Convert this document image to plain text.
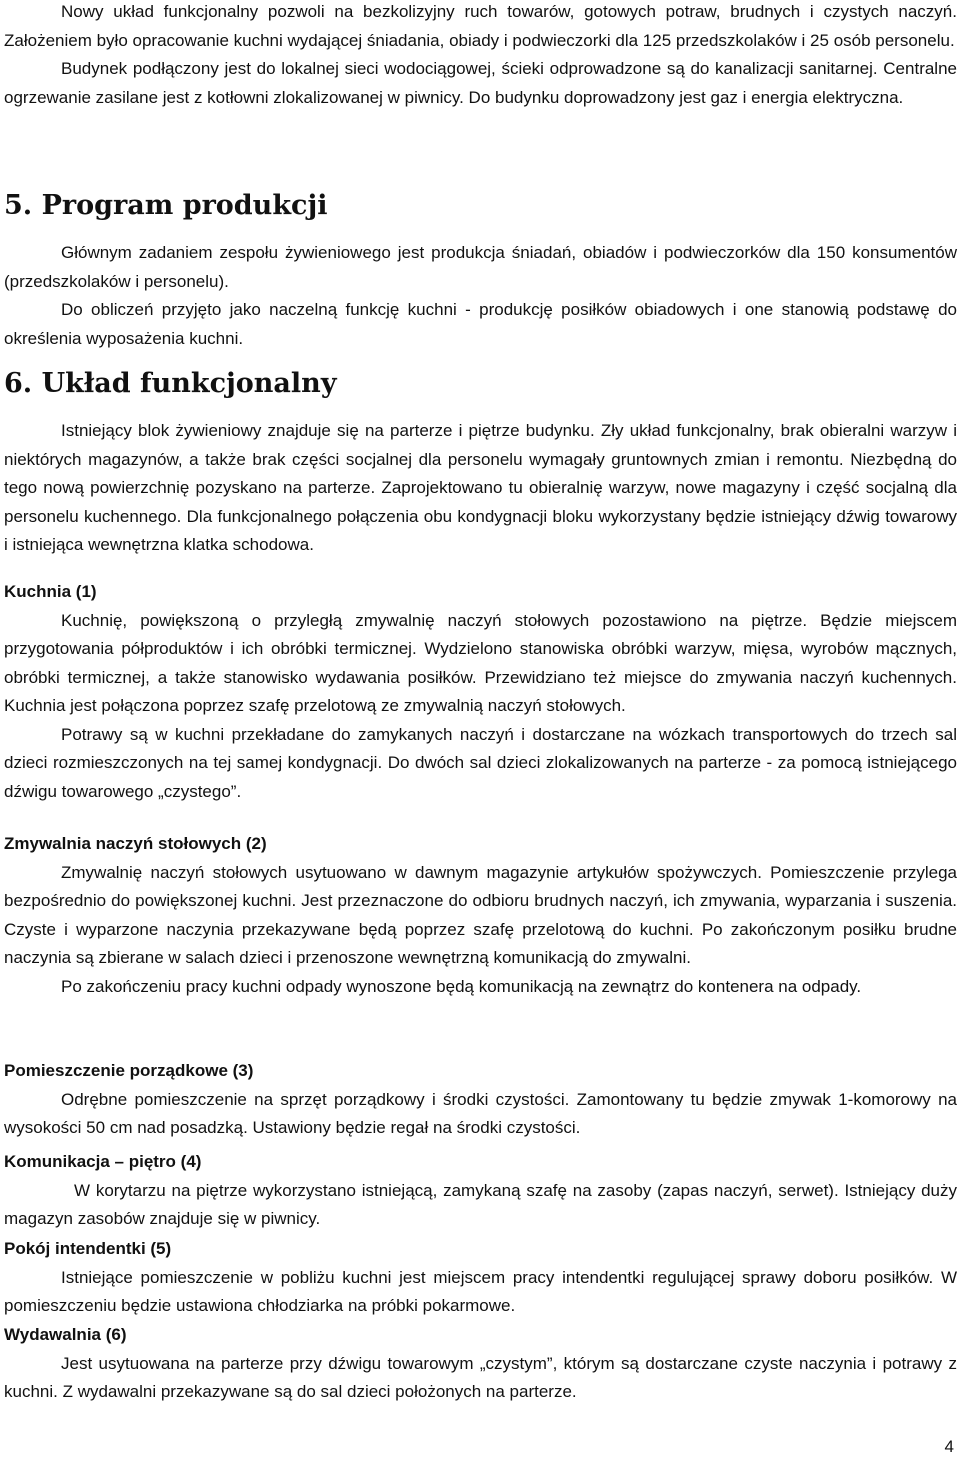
Nowy układ funkcjonalny pozwoli na bezkolizyjny ruch towarów, gotowych potraw, brudnych i czystych naczyń. Założeniem było opracowanie kuchni wydającej śniadania, obiady i podwieczorki dla 125 przedszkolaków i 25 osób personelu.

Budynek podłączony jest do lokalnej sieci wodociągowej, ścieki odprowadzone są do kanalizacji sanitarnej. Centralne ogrzewanie zasilane jest z kotłowni zlokalizowanej w piwnicy. Do budynku doprowadzony jest gaz i energia elektryczna.

5. Program produkcji

Głównym zadaniem zespołu żywieniowego jest produkcja śniadań, obiadów i podwieczorków dla 150 konsumentów (przedszkolaków i personelu).

Do obliczeń przyjęto jako naczelną funkcję kuchni - produkcję posiłków obiadowych i one stanowią podstawę do określenia wyposażenia kuchni.

6. Układ funkcjonalny

Istniejący blok żywieniowy znajduje się na parterze i piętrze budynku. Zły układ funkcjonalny, brak obieralni warzyw i niektórych magazynów, a także brak części socjalnej dla personelu wymagały gruntownych zmian i remontu. Niezbędną do tego nową powierzchnię pozyskano na parterze. Zaprojektowano tu obieralnię warzyw, nowe magazyny i część socjalną dla personelu kuchennego. Dla funkcjonalnego połączenia obu kondygnacji bloku wykorzystany będzie istniejący dźwig towarowy i istniejąca wewnętrzna klatka schodowa.

Kuchnia (1)

Kuchnię, powiększoną o przyległą zmywalnię naczyń stołowych pozostawiono na piętrze. Będzie miejscem przygotowania półproduktów i ich obróbki termicznej. Wydzielono stanowiska obróbki warzyw, mięsa, wyrobów mącznych, obróbki termicznej, a także stanowisko wydawania posiłków. Przewidziano też miejsce do zmywania naczyń kuchennych. Kuchnia jest połączona poprzez szafę przelotową ze zmywalnią naczyń stołowych.

Potrawy są w kuchni przekładane do zamykanych naczyń i dostarczane na wózkach transportowych do trzech sal dzieci rozmieszczonych na tej samej kondygnacji. Do dwóch sal dzieci zlokalizowanych na parterze - za pomocą istniejącego dźwigu towarowego „czystego”.

Zmywalnia naczyń stołowych (2)

Zmywalnię naczyń stołowych usytuowano w dawnym magazynie artykułów spożywczych. Pomieszczenie przylega bezpośrednio do powiększonej kuchni. Jest przeznaczone do odbioru brudnych naczyń, ich zmywania, wyparzania i suszenia. Czyste i wyparzone naczynia przekazywane będą poprzez szafę przelotową do kuchni. Po zakończonym posiłku brudne naczynia są zbierane w salach dzieci i przenoszone wewnętrzną komunikacją do zmywalni.

Po zakończeniu pracy kuchni odpady wynoszone będą komunikacją na zewnątrz do kontenera na odpady.

Pomieszczenie porządkowe (3)

Odrębne pomieszczenie na sprzęt porządkowy i środki czystości. Zamontowany tu będzie zmywak 1-komorowy na wysokości 50 cm nad posadzką. Ustawiony będzie regał na środki czystości.

Komunikacja – piętro (4)

W korytarzu na piętrze wykorzystano istniejącą, zamykaną szafę na zasoby (zapas naczyń, serwet). Istniejący duży magazyn zasobów znajduje się w piwnicy.

Pokój intendentki (5)

Istniejące pomieszczenie w pobliżu kuchni jest miejscem pracy intendentki regulującej sprawy doboru posiłków. W pomieszczeniu będzie ustawiona chłodziarka na próbki pokarmowe.

Wydawalnia (6)

Jest usytuowana na parterze przy dźwigu towarowym „czystym”, którym są dostarczane czyste naczynia i potrawy z kuchni. Z wydawalni przekazywane są do sal dzieci położonych na parterze.

4
